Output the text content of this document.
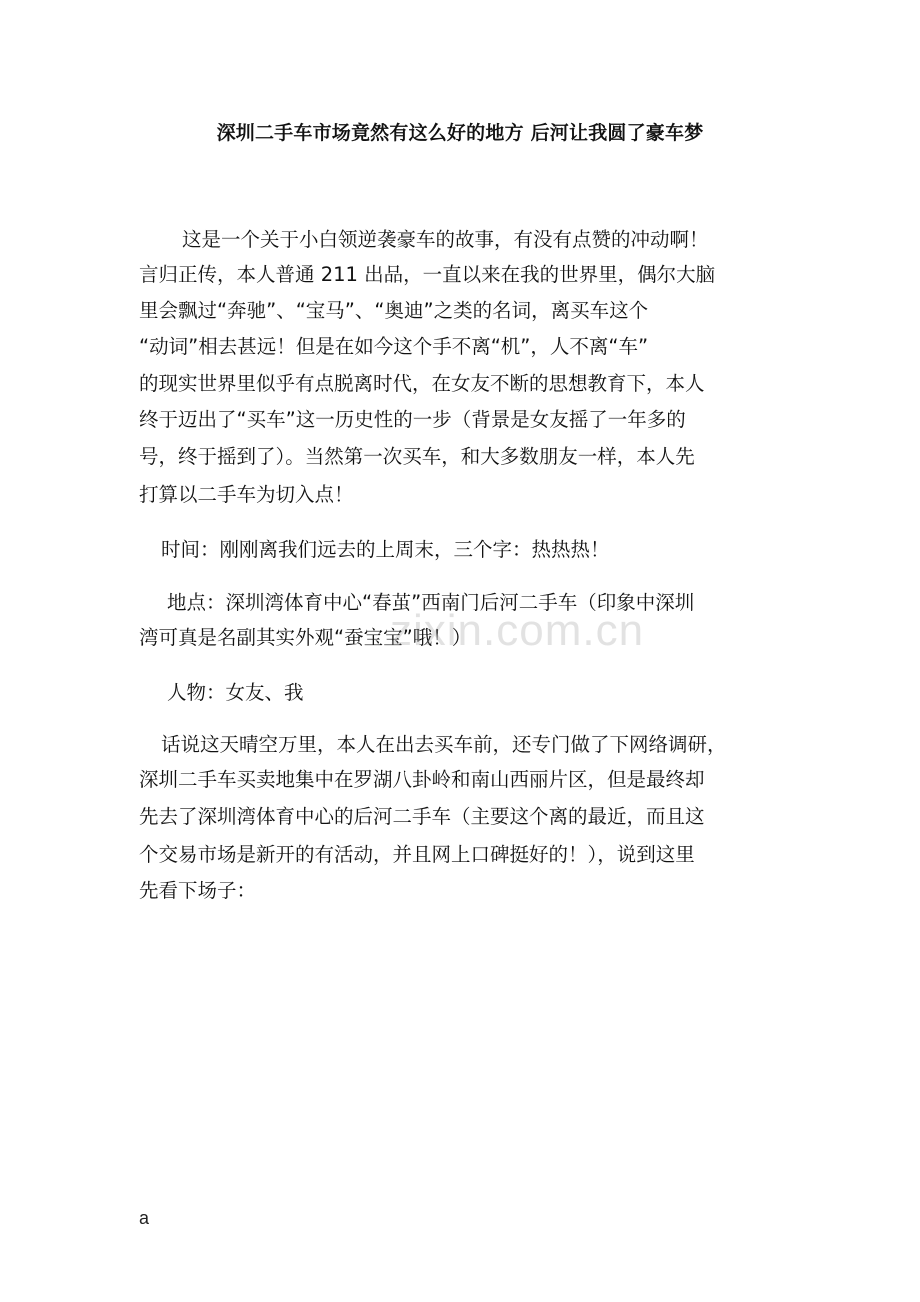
深圳二手车市场竟然有这么好的地方 后河让我圆了豪车梦
这是一个关于小白领逆袭豪车的故事，有没有点赞的冲动啊！
言归正传，本人普通 211 出品，一直以来在我的世界里，偶尔大脑
里会飘过“奔驰”、“宝马”、“奥迪”之类的名词，离买车这个
“动词”相去甚远！但是在如今这个手不离“机”，人不离“车”
的现实世界里似乎有点脱离时代，在女友不断的思想教育下，本人
终于迈出了“买车”这一历史性的一步（背景是女友摇了一年多的
号，终于摇到了）。当然第一次买车，和大多数朋友一样，本人先
打算以二手车为切入点！
时间：刚刚离我们远去的上周末，三个字：热热热！
地点：深圳湾体育中心“春茧”西南门后河二手车（印象中深圳
湾可真是名副其实外观“蚕宝宝”哦！）
人物：女友、我
话说这天晴空万里，本人在出去买车前，还专门做了下网络调研，
深圳二手车买卖地集中在罗湖八卦岭和南山西丽片区，但是最终却
先去了深圳湾体育中心的后河二手车（主要这个离的最近，而且这
个交易市场是新开的有活动，并且网上口碑挺好的！），说到这里
先看下场子：
zixin.com.cn
a
